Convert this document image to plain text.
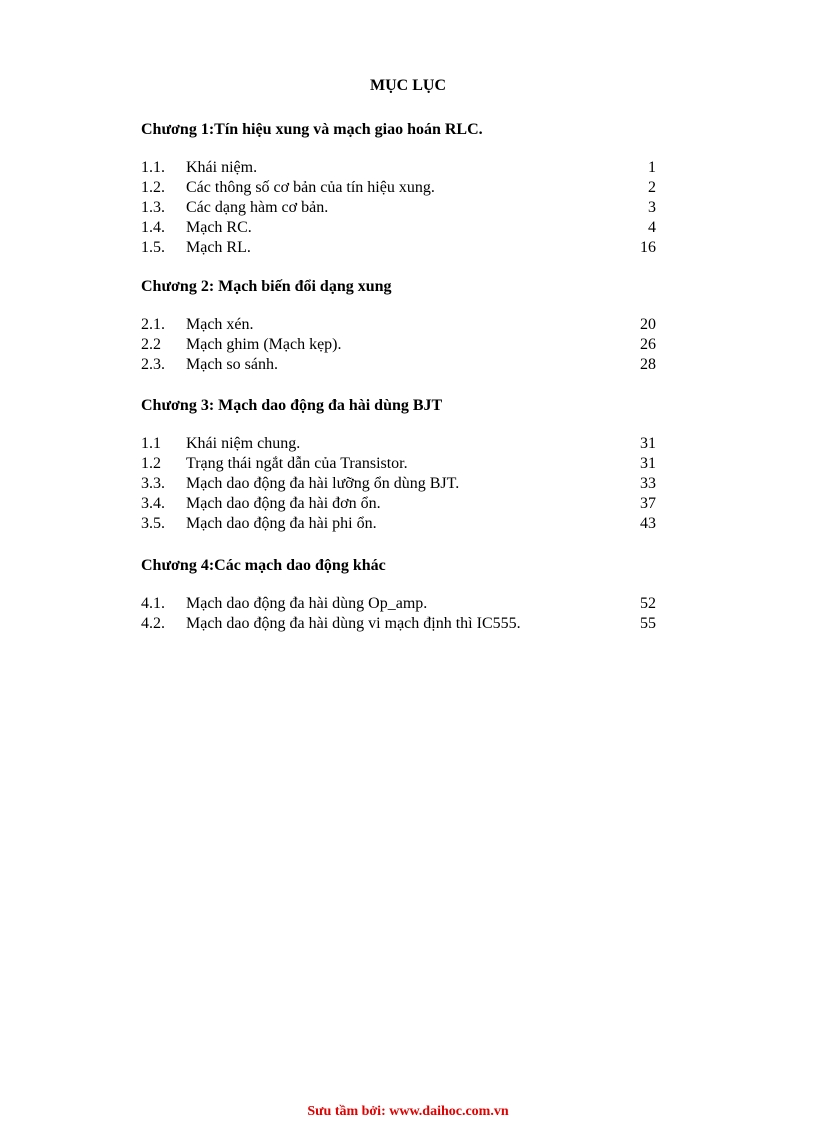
MỤC LỤC
Chương 1:Tín hiệu xung và mạch giao hoán RLC.
1.1. Khái niệm.	1
1.2. Các thông số cơ bản của tín hiệu xung.	2
1.3. Các dạng hàm cơ bản.	3
1.4. Mạch RC.	4
1.5. Mạch RL.	16
Chương 2: Mạch biến đổi dạng xung
2.1. Mạch xén.	20
2.2 Mạch ghim (Mạch kẹp).	26
2.3. Mạch so sánh.	28
Chương 3: Mạch dao động đa hài dùng BJT
1.1 Khái niệm chung.	31
1.2 Trạng thái ngắt dẫn của Transistor.	31
3.3. Mạch dao động đa hài lưỡng ổn dùng BJT.	33
3.4. Mạch dao động đa hài đơn ổn.	37
3.5. Mạch dao động đa hài phi ổn.	43
Chương 4:Các mạch dao động khác
4.1. Mạch dao động đa hài dùng Op_amp.	52
4.2. Mạch dao động đa hài dùng vi mạch định thì IC555.	55
Sưu tầm bởi: www.daihoc.com.vn
